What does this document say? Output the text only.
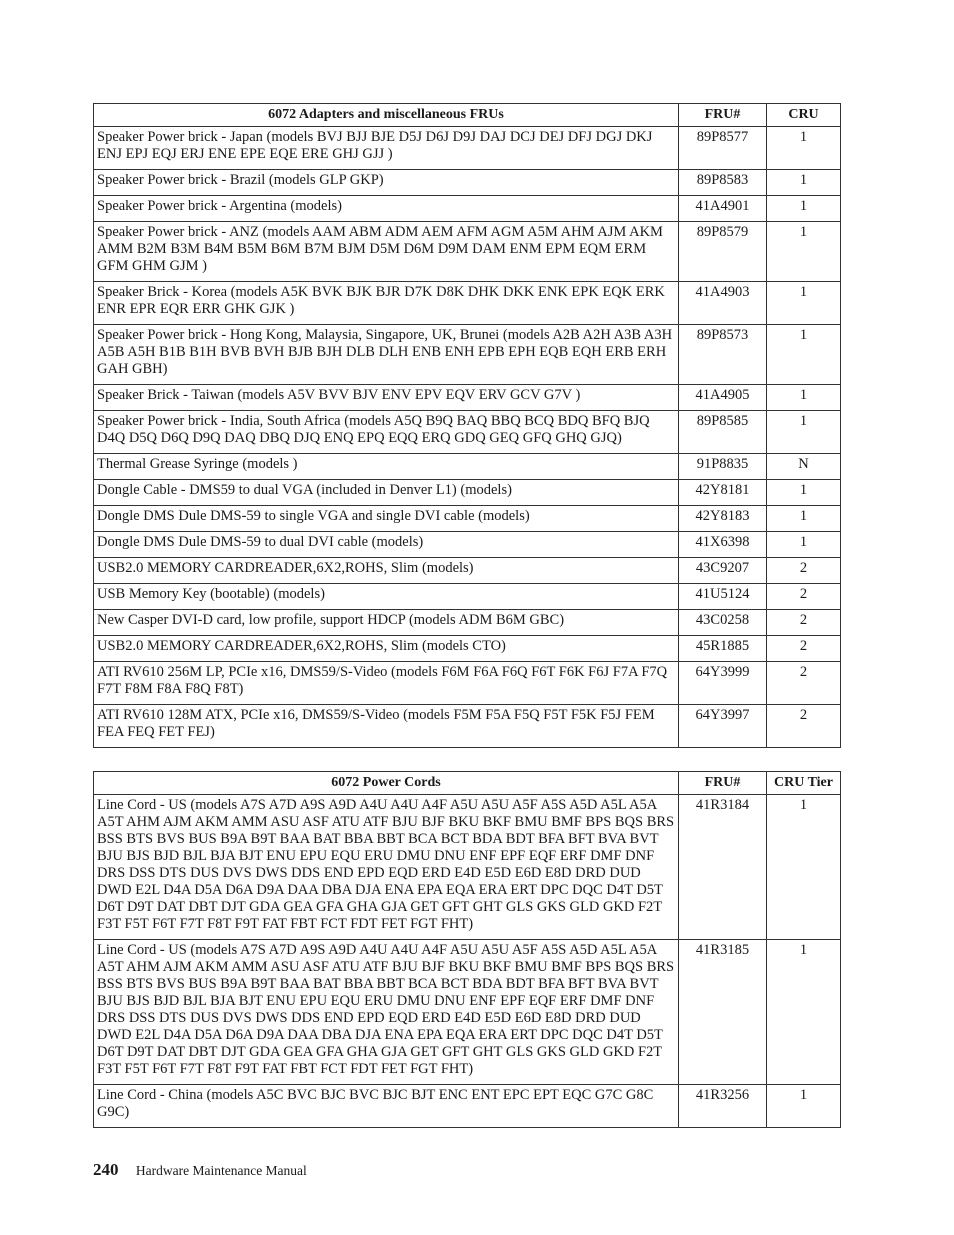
6072 Adapters and miscellaneous FRUs	FRU#	CRU
Speaker Power brick - Japan (models BVJ BJJ BJE D5J D6J D9J DAJ DCJ DEJ DFJ DGJ DKJ ENJ EPJ EQJ ERJ ENE EPE EQE ERE GHJ GJJ )	89P8577	1
Speaker Power brick - Brazil (models GLP GKP)	89P8583	1
Speaker Power brick - Argentina (models)	41A4901	1
Speaker Power brick - ANZ (models AAM ABM ADM AEM AFM AGM A5M AHM AJM AKM AMM B2M B3M B4M B5M B6M B7M BJM D5M D6M D9M DAM ENM EPM EQM ERM GFM GHM GJM )	89P8579	1
Speaker Brick - Korea (models A5K BVK BJK BJR D7K D8K DHK DKK ENK EPK EQK ERK ENR EPR EQR ERR GHK GJK )	41A4903	1
Speaker Power brick - Hong Kong, Malaysia, Singapore, UK, Brunei (models A2B A2H A3B A3H A5B A5H B1B B1H BVB BVH BJB BJH DLB DLH ENB ENH EPB EPH EQB EQH ERB ERH GAH GBH)	89P8573	1
Speaker Brick - Taiwan (models A5V BVV BJV ENV EPV EQV ERV GCV G7V )	41A4905	1
Speaker Power brick - India, South Africa (models A5Q B9Q BAQ BBQ BCQ BDQ BFQ BJQ D4Q D5Q D6Q D9Q DAQ DBQ DJQ ENQ EPQ EQQ ERQ GDQ GEQ GFQ GHQ GJQ)	89P8585	1
Thermal Grease Syringe (models )	91P8835	N
Dongle Cable - DMS59 to dual VGA (included in Denver L1) (models)	42Y8181	1
Dongle DMS Dule DMS-59 to single VGA and single DVI cable (models)	42Y8183	1
Dongle DMS Dule DMS-59 to dual DVI cable (models)	41X6398	1
USB2.0 MEMORY CARDREADER,6X2,ROHS, Slim (models)	43C9207	2
USB Memory Key (bootable) (models)	41U5124	2
New Casper DVI-D card, low profile, support HDCP (models ADM B6M GBC)	43C0258	2
USB2.0 MEMORY CARDREADER,6X2,ROHS, Slim (models CTO)	45R1885	2
ATI RV610 256M LP, PCIe x16, DMS59/S-Video (models F6M F6A F6Q F6T F6K F6J F7A F7Q F7T F8M F8A F8Q F8T)	64Y3999	2
ATI RV610 128M ATX, PCIe x16, DMS59/S-Video (models F5M F5A F5Q F5T F5K F5J FEM FEA FEQ FET FEJ)	64Y3997	2
6072 Power Cords	FRU#	CRU Tier
Line Cord - US (models A7S A7D A9S A9D A4U A4U A4F A5U A5U A5F A5S A5D A5L A5A A5T AHM AJM AKM AMM ASU ASF ATU ATF BJU BJF BKU BKF BMU BMF BPS BQS BRS BSS BTS BVS BUS B9A B9T BAA BAT BBA BBT BCA BCT BDA BDT BFA BFT BVA BVT BJU BJS BJD BJL BJA BJT ENU EPU EQU ERU DMU DNU ENF EPF EQF ERF DMF DNF DRS DSS DTS DUS DVS DWS DDS END EPD EQD ERD E4D E5D E6D E8D DRD DUD DWD E2L D4A D5A D6A D9A DAA DBA DJA ENA EPA EQA ERA ERT DPC DQC D4T D5T D6T D9T DAT DBT DJT GDA GEA GFA GHA GJA GET GFT GHT GLS GKS GLD GKD F2T F3T F5T F6T F7T F8T F9T FAT FBT FCT FDT FET FGT FHT)	41R3184	1
Line Cord - US (models A7S A7D A9S A9D A4U A4U A4F A5U A5U A5F A5S A5D A5L A5A A5T AHM AJM AKM AMM ASU ASF ATU ATF BJU BJF BKU BKF BMU BMF BPS BQS BRS BSS BTS BVS BUS B9A B9T BAA BAT BBA BBT BCA BCT BDA BDT BFA BFT BVA BVT BJU BJS BJD BJL BJA BJT ENU EPU EQU ERU DMU DNU ENF EPF EQF ERF DMF DNF DRS DSS DTS DUS DVS DWS DDS END EPD EQD ERD E4D E5D E6D E8D DRD DUD DWD E2L D4A D5A D6A D9A DAA DBA DJA ENA EPA EQA ERA ERT DPC DQC D4T D5T D6T D9T DAT DBT DJT GDA GEA GFA GHA GJA GET GFT GHT GLS GKS GLD GKD F2T F3T F5T F6T F7T F8T F9T FAT FBT FCT FDT FET FGT FHT)	41R3185	1
Line Cord - China (models A5C BVC BJC BVC BJC BJT ENC ENT EPC EPT EQC G7C G8C G9C)	41R3256	1
240 Hardware Maintenance Manual
